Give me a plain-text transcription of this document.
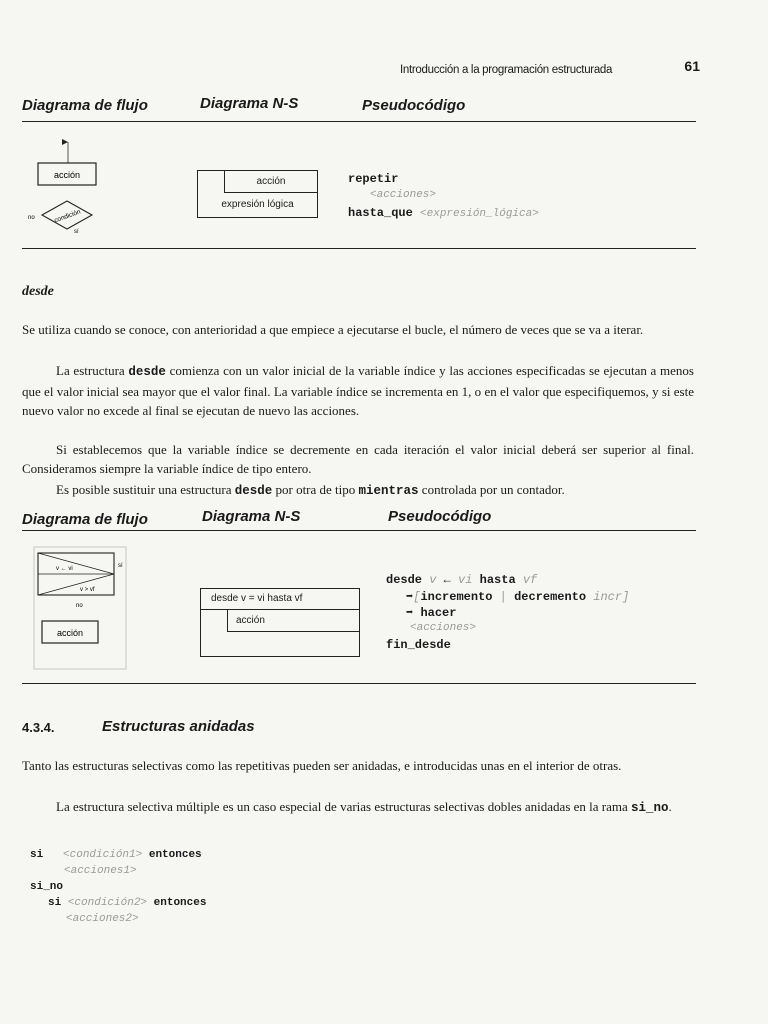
Introducción a la programación estructurada	61
Diagrama de flujo	Diagrama N-S	Pseudocódigo
acción
condición
no
sí
acción
expresión lógica
repetir
<acciones>
hasta_que <expresión_lógica>
desde
Se utiliza cuando se conoce, con anterioridad a que empiece a ejecutarse el bucle, el número de veces que se va a iterar.
La estructura desde comienza con un valor inicial de la variable índice y las acciones especificadas se ejecutan a menos que el valor inicial sea mayor que el valor final. La variable índice se incrementa en 1, o en el valor que especifiquemos, y si este nuevo valor no excede al final se ejecutan de nuevo las acciones.
Si establecemos que la variable índice se decremente en cada iteración el valor inicial deberá ser superior al final. Consideramos siempre la variable índice de tipo entero.
Es posible sustituir una estructura desde por otra de tipo mientras controlada por un contador.
Diagrama de flujo	Diagrama N-S	Pseudocódigo
v ← vi
v > vf
sí
no
acción
desde v = vi hasta vf
acción
desde v ← vi hasta vf
➡[incremento | decremento incr]
➡ hacer
<acciones>
fin_desde
4.3.4.	Estructuras anidadas
Tanto las estructuras selectivas como las repetitivas pueden ser anidadas, e introducidas unas en el interior de otras.
La estructura selectiva múltiple es un caso especial de varias estructuras selectivas dobles anidadas en la rama si_no.
si <condición1> entonces
<acciones1>
si_no
si <condición2> entonces
<acciones2>
